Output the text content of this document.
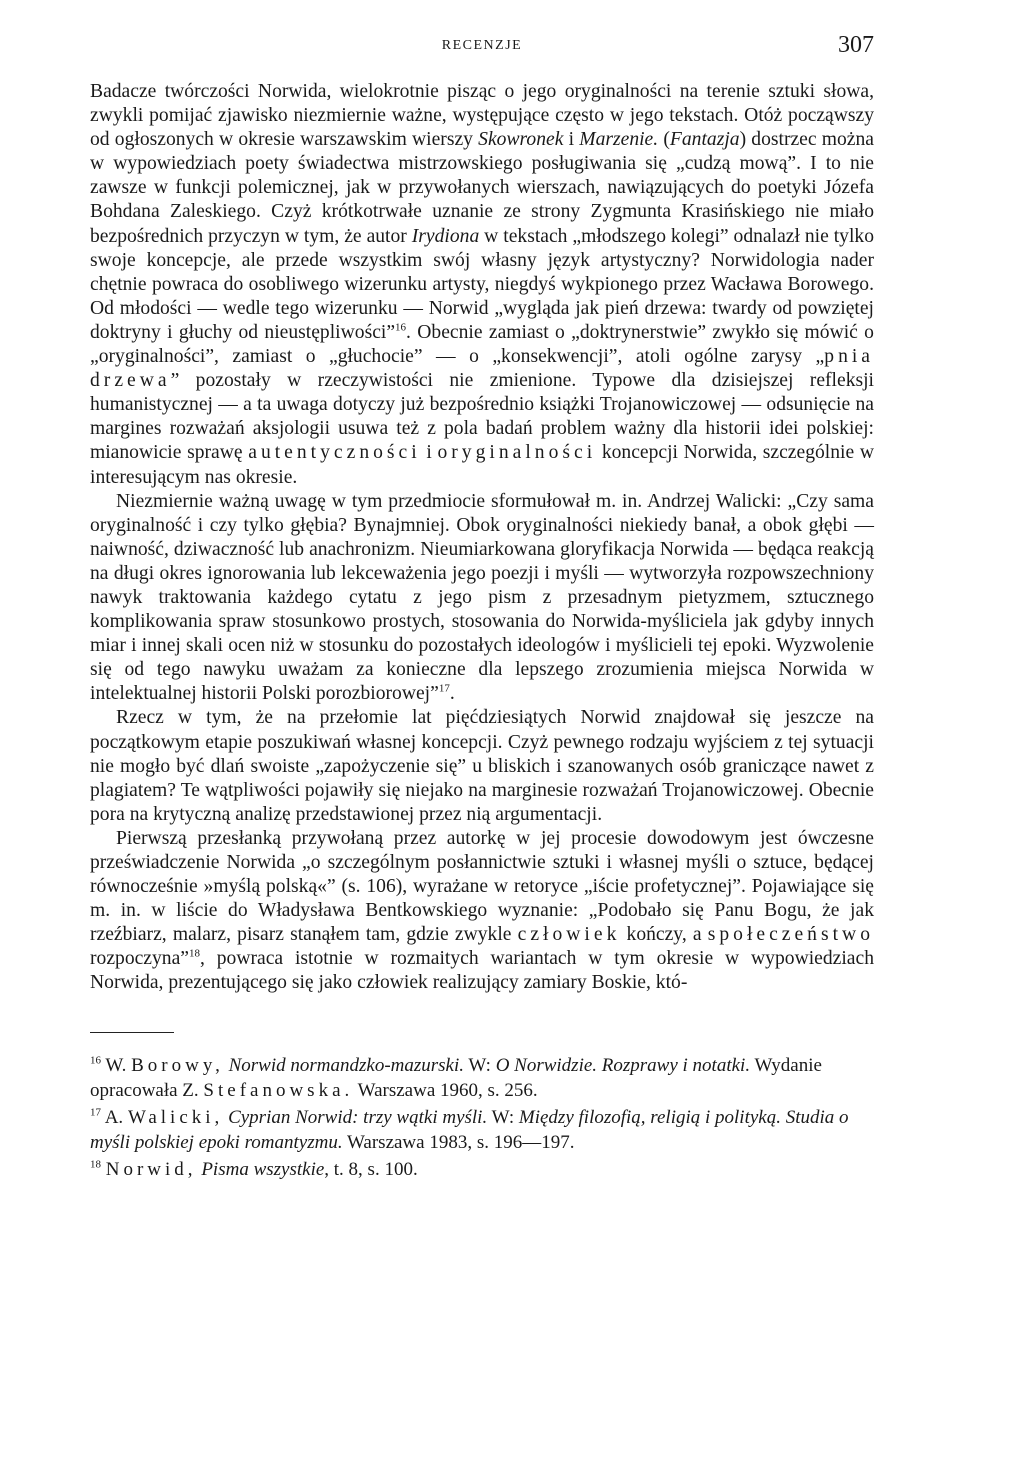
RECENZJE	307

Badacze twórczości Norwida, wielokrotnie pisząc o jego oryginalności na terenie sztuki słowa, zwykli pomijać zjawisko niezmiernie ważne, występujące często w jego tekstach. Otóż począwszy od ogłoszonych w okresie warszawskim wierszy Skowronek i Marzenie. (Fantazja) dostrzec można w wypowiedziach poety świadectwa mistrzowskiego posługiwania się „cudzą mową”. I to nie zawsze w funkcji polemicznej, jak w przywołanych wierszach, nawiązujących do poetyki Józefa Bohdana Zaleskiego. Czyż krótkotrwałe uznanie ze strony Zygmunta Krasińskiego nie miało bezpośrednich przyczyn w tym, że autor Irydiona w tekstach „młodszego kolegi” odnalazł nie tylko swoje koncepcje, ale przede wszystkim swój własny język artystyczny? Norwidologia nader chętnie powraca do osobliwego wizerunku artysty, niegdyś wykpionego przez Wacława Borowego. Od młodości — wedle tego wizerunku — Norwid „wygląda jak pień drzewa: twardy od powziętej doktryny i głuchy od nieustępliwości”$^{16}$. Obecnie zamiast o „doktrynerstwie” zwykło się mówić o „oryginalności”, zamiast o „głuchocie” — o „konsekwencji”, atoli ogólne zarysy „pnia drzewa” pozostały w rzeczywistości nie zmienione. Typowe dla dzisiejszej refleksji humanistycznej — a ta uwaga dotyczy już bezpośrednio książki Trojanowiczowej — odsunięcie na margines rozważań aksjologii usuwa też z pola badań problem ważny dla historii idei polskiej: mianowicie sprawę autentyczności i oryginalności koncepcji Norwida, szczególnie w interesującym nas okresie.

Niezmiernie ważną uwagę w tym przedmiocie sformułował m. in. Andrzej Walicki: „Czy sama oryginalność i czy tylko głębia? Bynajmniej. Obok oryginalności niekiedy banał, a obok głębi — naiwność, dziwaczność lub anachronizm. Nieumiarkowana gloryfikacja Norwida — będąca reakcją na długi okres ignorowania lub lekceważenia jego poezji i myśli — wytworzyła rozpowszechniony nawyk traktowania każdego cytatu z jego pism z przesadnym pietyzmem, sztucznego komplikowania spraw stosunkowo prostych, stosowania do Norwida-myśliciela jak gdyby innych miar i innej skali ocen niż w stosunku do pozostałych ideologów i myślicieli tej epoki. Wyzwolenie się od tego nawyku uważam za konieczne dla lepszego zrozumienia miejsca Norwida w intelektualnej historii Polski porozbiorowej”$^{17}$.

Rzecz w tym, że na przełomie lat pięćdziesiątych Norwid znajdował się jeszcze na początkowym etapie poszukiwań własnej koncepcji. Czyż pewnego rodzaju wyjściem z tej sytuacji nie mogło być dlań swoiste „zapożyczenie się” u bliskich i szanowanych osób graniczące nawet z plagiatem? Te wątpliwości pojawiły się niejako na marginesie rozważań Trojanowiczowej. Obecnie pora na krytyczną analizę przedstawionej przez nią argumentacji.

Pierwszą przesłanką przywołaną przez autorkę w jej procesie dowodowym jest ówczesne przeświadczenie Norwida „o szczególnym posłannictwie sztuki i własnej myśli o sztuce, będącej równocześnie »myślą polską«” (s. 106), wyrażane w retoryce „iście profetycznej”. Pojawiające się m. in. w liście do Władysława Bentkowskiego wyznanie: „Podobało się Panu Bogu, że jak rzeźbiarz, malarz, pisarz stanąłem tam, gdzie zwykle człowiek kończy, a społeczeństwo rozpoczyna”$^{18}$, powraca istotnie w rozmaitych wariantach w tym okresie w wypowiedziach Norwida, prezentującego się jako człowiek realizujący zamiary Boskie, któ-

$^{16}$ W. Borowy, Norwid normandzko-mazurski. W: O Norwidzie. Rozprawy i notatki. Wydanie opracowała Z. Stefanowska. Warszawa 1960, s. 256.

$^{17}$ A. Walicki, Cyprian Norwid: trzy wątki myśli. W: Między filozofią, religią i polityką. Studia o myśli polskiej epoki romantyzmu. Warszawa 1983, s. 196—197.

$^{18}$ Norwid, Pisma wszystkie, t. 8, s. 100.
